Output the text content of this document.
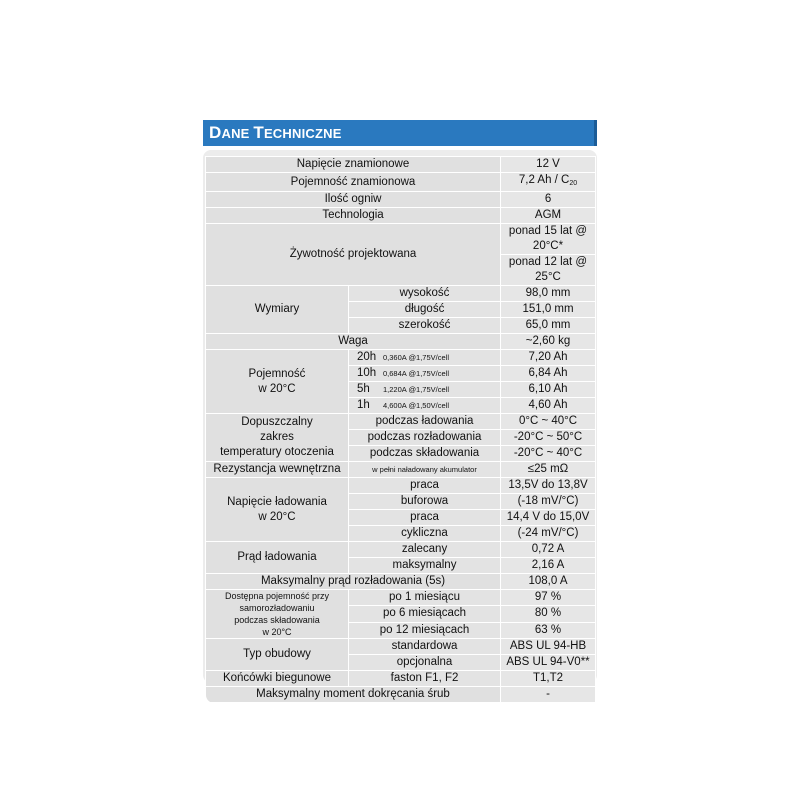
DANE TECHNICZNE
Napięcie znamionowe		12 V
Pojemność znamionowa		7,2 Ah / $C_{20}$
Ilość ogniw		6
Technologia		AGM
Żywotność projektowana		ponad 15 lat @ 20°C*
		ponad 12 lat @ 25°C
Wymiary	wysokość	98,0 mm
	długość	151,0 mm
	szerokość	65,0 mm
Waga		~2,60 kg

Pojemność
w 20°C	20h 0,360A @1,75V/cell	7,20 Ah
	10h 0,684A @1,75V/cell	6,84 Ah
	5h 1,220A @1,75V/cell	6,10 Ah
	1h 4,600A @1,50V/cell	4,60 Ah

Dopuszczalny
zakres
temperatury otoczenia	podczas ładowania	0°C ~ 40°C
	podczas rozładowania	-20°C ~ 50°C
	podczas składowania	-20°C ~ 40°C
Rezystancja wewnętrzna	w pełni naładowany akumulator	≤25 mΩ

Napięcie ładowania
w 20°C	praca	13,5V do 13,8V
	buforowa	(-18 mV/°C)
	praca	14,4 V do 15,0V
	cykliczna	(-24 mV/°C)
Prąd ładowania	zalecany	0,72 A
	maksymalny	2,16 A
Maksymalny prąd rozładowania (5s)		108,0 A

Dostępna pojemność przy
samorozładowaniu
podczas składowania
w 20°C	po 1 miesiącu	97 %
	po 6 miesiącach	80 %
	po 12 miesiącach	63 %
Typ obudowy	standardowa	ABS UL 94-HB
	opcjonalna	ABS UL 94-V0**
Końcówki biegunowe	faston F1, F2	T1,T2
Maksymalny moment dokręcania śrub		-
